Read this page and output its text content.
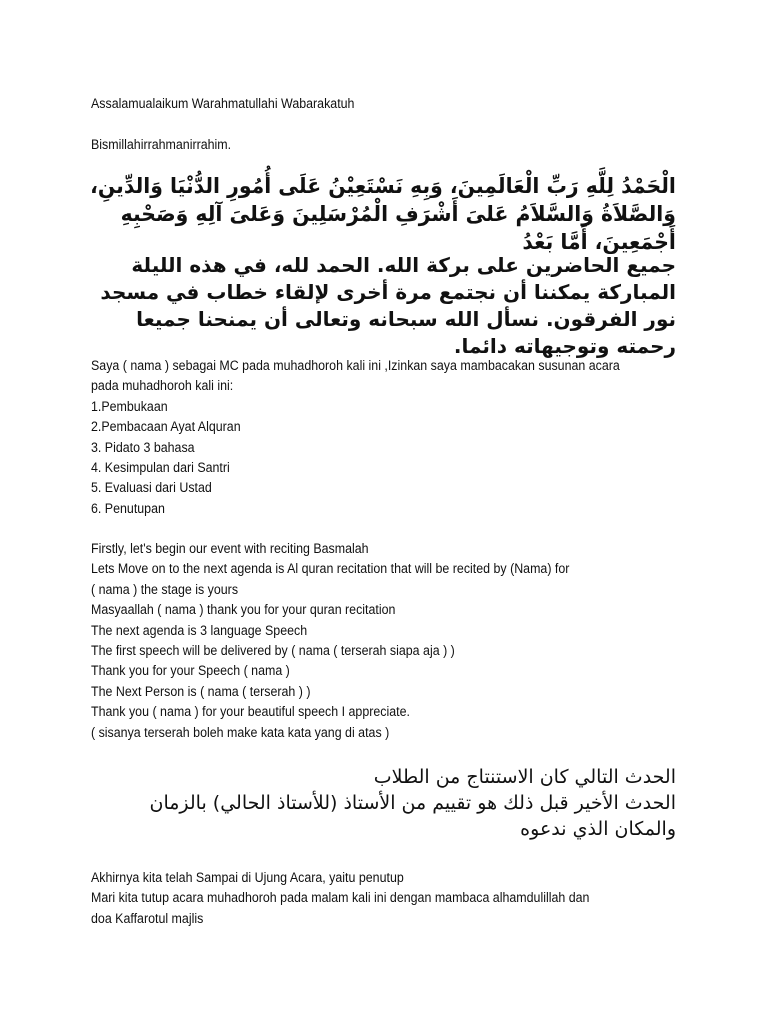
Assalamualaikum Warahmatullahi Wabarakatuh
Bismillahirrahmanirrahim.
الْحَمْدُ لِلَّهِ رَبِّ الْعَالَمِينَ، وَبِهِ نَسْتَعِيْنُ عَلَى أُمُورِ الدُّنْيَا وَالدِّينِ،
وَالصَّلاَةُ وَالسَّلاَمُ عَلىَ أَشْرَفِ الْمُرْسَلِينَ وَعَلىَ آلِهِ وَصَحْبِهِ
أَجْمَعِينَ، أَمَّا بَعْدُ
جميع الحاضرين على بركة الله. الحمد لله، في هذه الليلة
المباركة يمكننا أن نجتمع مرة أخرى لإلقاء خطاب في مسجد
نور الفرقون. نسأل الله سبحانه وتعالى أن يمنحنا جميعا
رحمته وتوجيهاته دائما.
Saya ( nama ) sebagai MC pada muhadhoroh kali ini ,Izinkan saya mambacakan susunan acara
pada muhadhoroh kali ini:
1.Pembukaan
2.Pembacaan Ayat Alquran
3. Pidato 3 bahasa
4. Kesimpulan dari Santri
5. Evaluasi dari Ustad
6. Penutupan
Firstly, let's begin our event with reciting Basmalah
Lets Move on to the next agenda is Al quran recitation that will be recited by (Nama) for
( nama ) the stage is yours
Masyaallah ( nama ) thank you for your quran recitation
The next agenda is 3 language Speech
The first speech will be delivered by ( nama ( terserah siapa aja ) )
Thank you for your Speech ( nama )
The Next Person is ( nama ( terserah ) )
Thank you ( nama ) for your beautiful speech I appreciate.
( sisanya terserah boleh make kata kata yang di atas )
الحدث التالي كان الاستنتاج من الطلاب
الحدث الأخير قبل ذلك هو تقييم من الأستاذ (للأستاذ الحالي) بالزمان
والمكان الذي ندعوه
Akhirnya kita telah Sampai di Ujung Acara, yaitu penutup
Mari kita tutup acara muhadhoroh pada malam kali ini dengan mambaca alhamdulillah dan
doa Kaffarotul majlis
